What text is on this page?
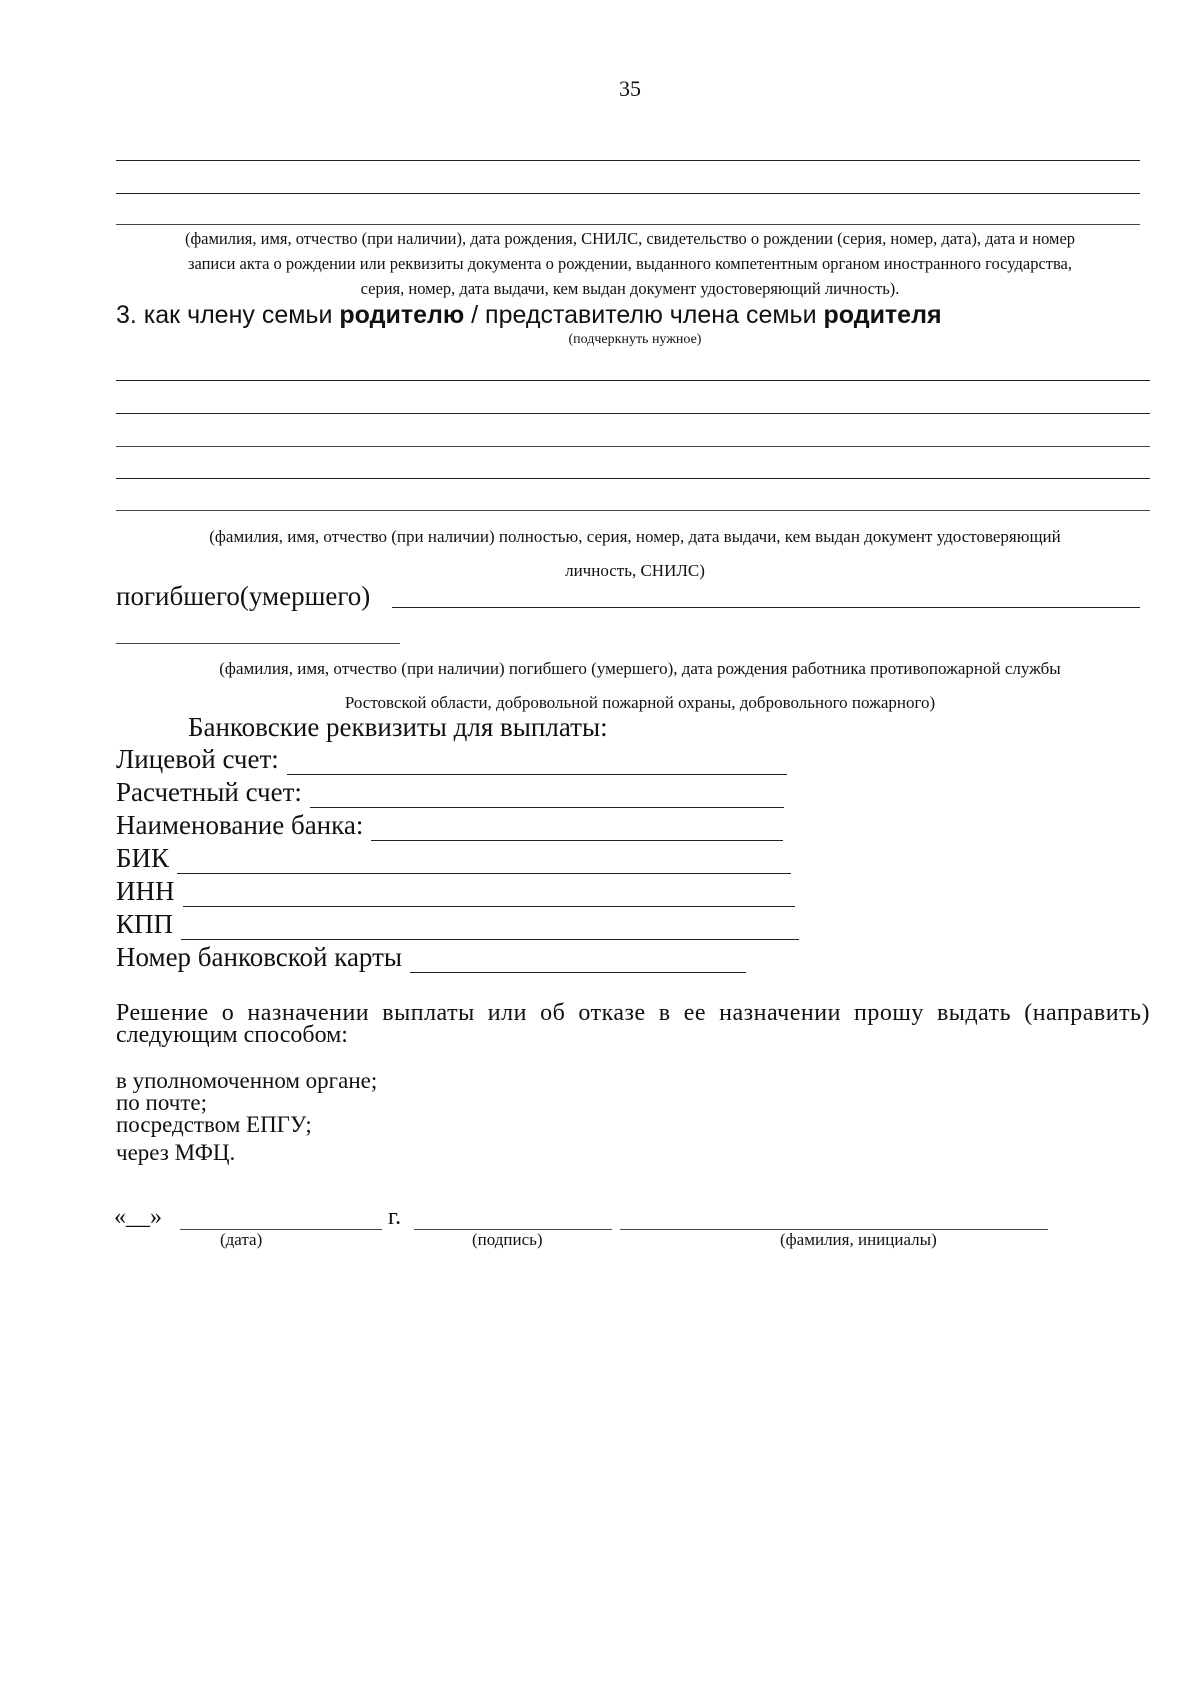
35
(фамилия, имя, отчество (при наличии), дата рождения, СНИЛС, свидетельство о рождении (серия, номер, дата), дата и номер
записи акта о рождении или реквизиты документа о рождении, выданного компетентным органом иностранного государства,
серия, номер, дата выдачи, кем выдан документ удостоверяющий личность).
3. как члену семьи родителю / представителю члена семьи родителя
(подчеркнуть нужное)
(фамилия, имя, отчество (при наличии) полностью, серия, номер, дата выдачи, кем выдан документ удостоверяющий
личность, СНИЛС)
погибшего(умершего)
(фамилия, имя, отчество (при наличии) погибшего (умершего), дата рождения работника противопожарной службы
Ростовской области, добровольной пожарной охраны, добровольного пожарного)
Банковские реквизиты для выплаты:
Лицевой счет:
Расчетный счет:
Наименование банка:
БИК
ИНН
КПП
Номер банковской карты
Решение о назначении выплаты или об отказе в ее назначении прошу выдать (направить)
следующим способом:
в уполномоченном органе;
по почте;
посредством ЕПГУ;
через МФЦ.
«__»	г.
(дата)	(подпись)	(фамилия, инициалы)
